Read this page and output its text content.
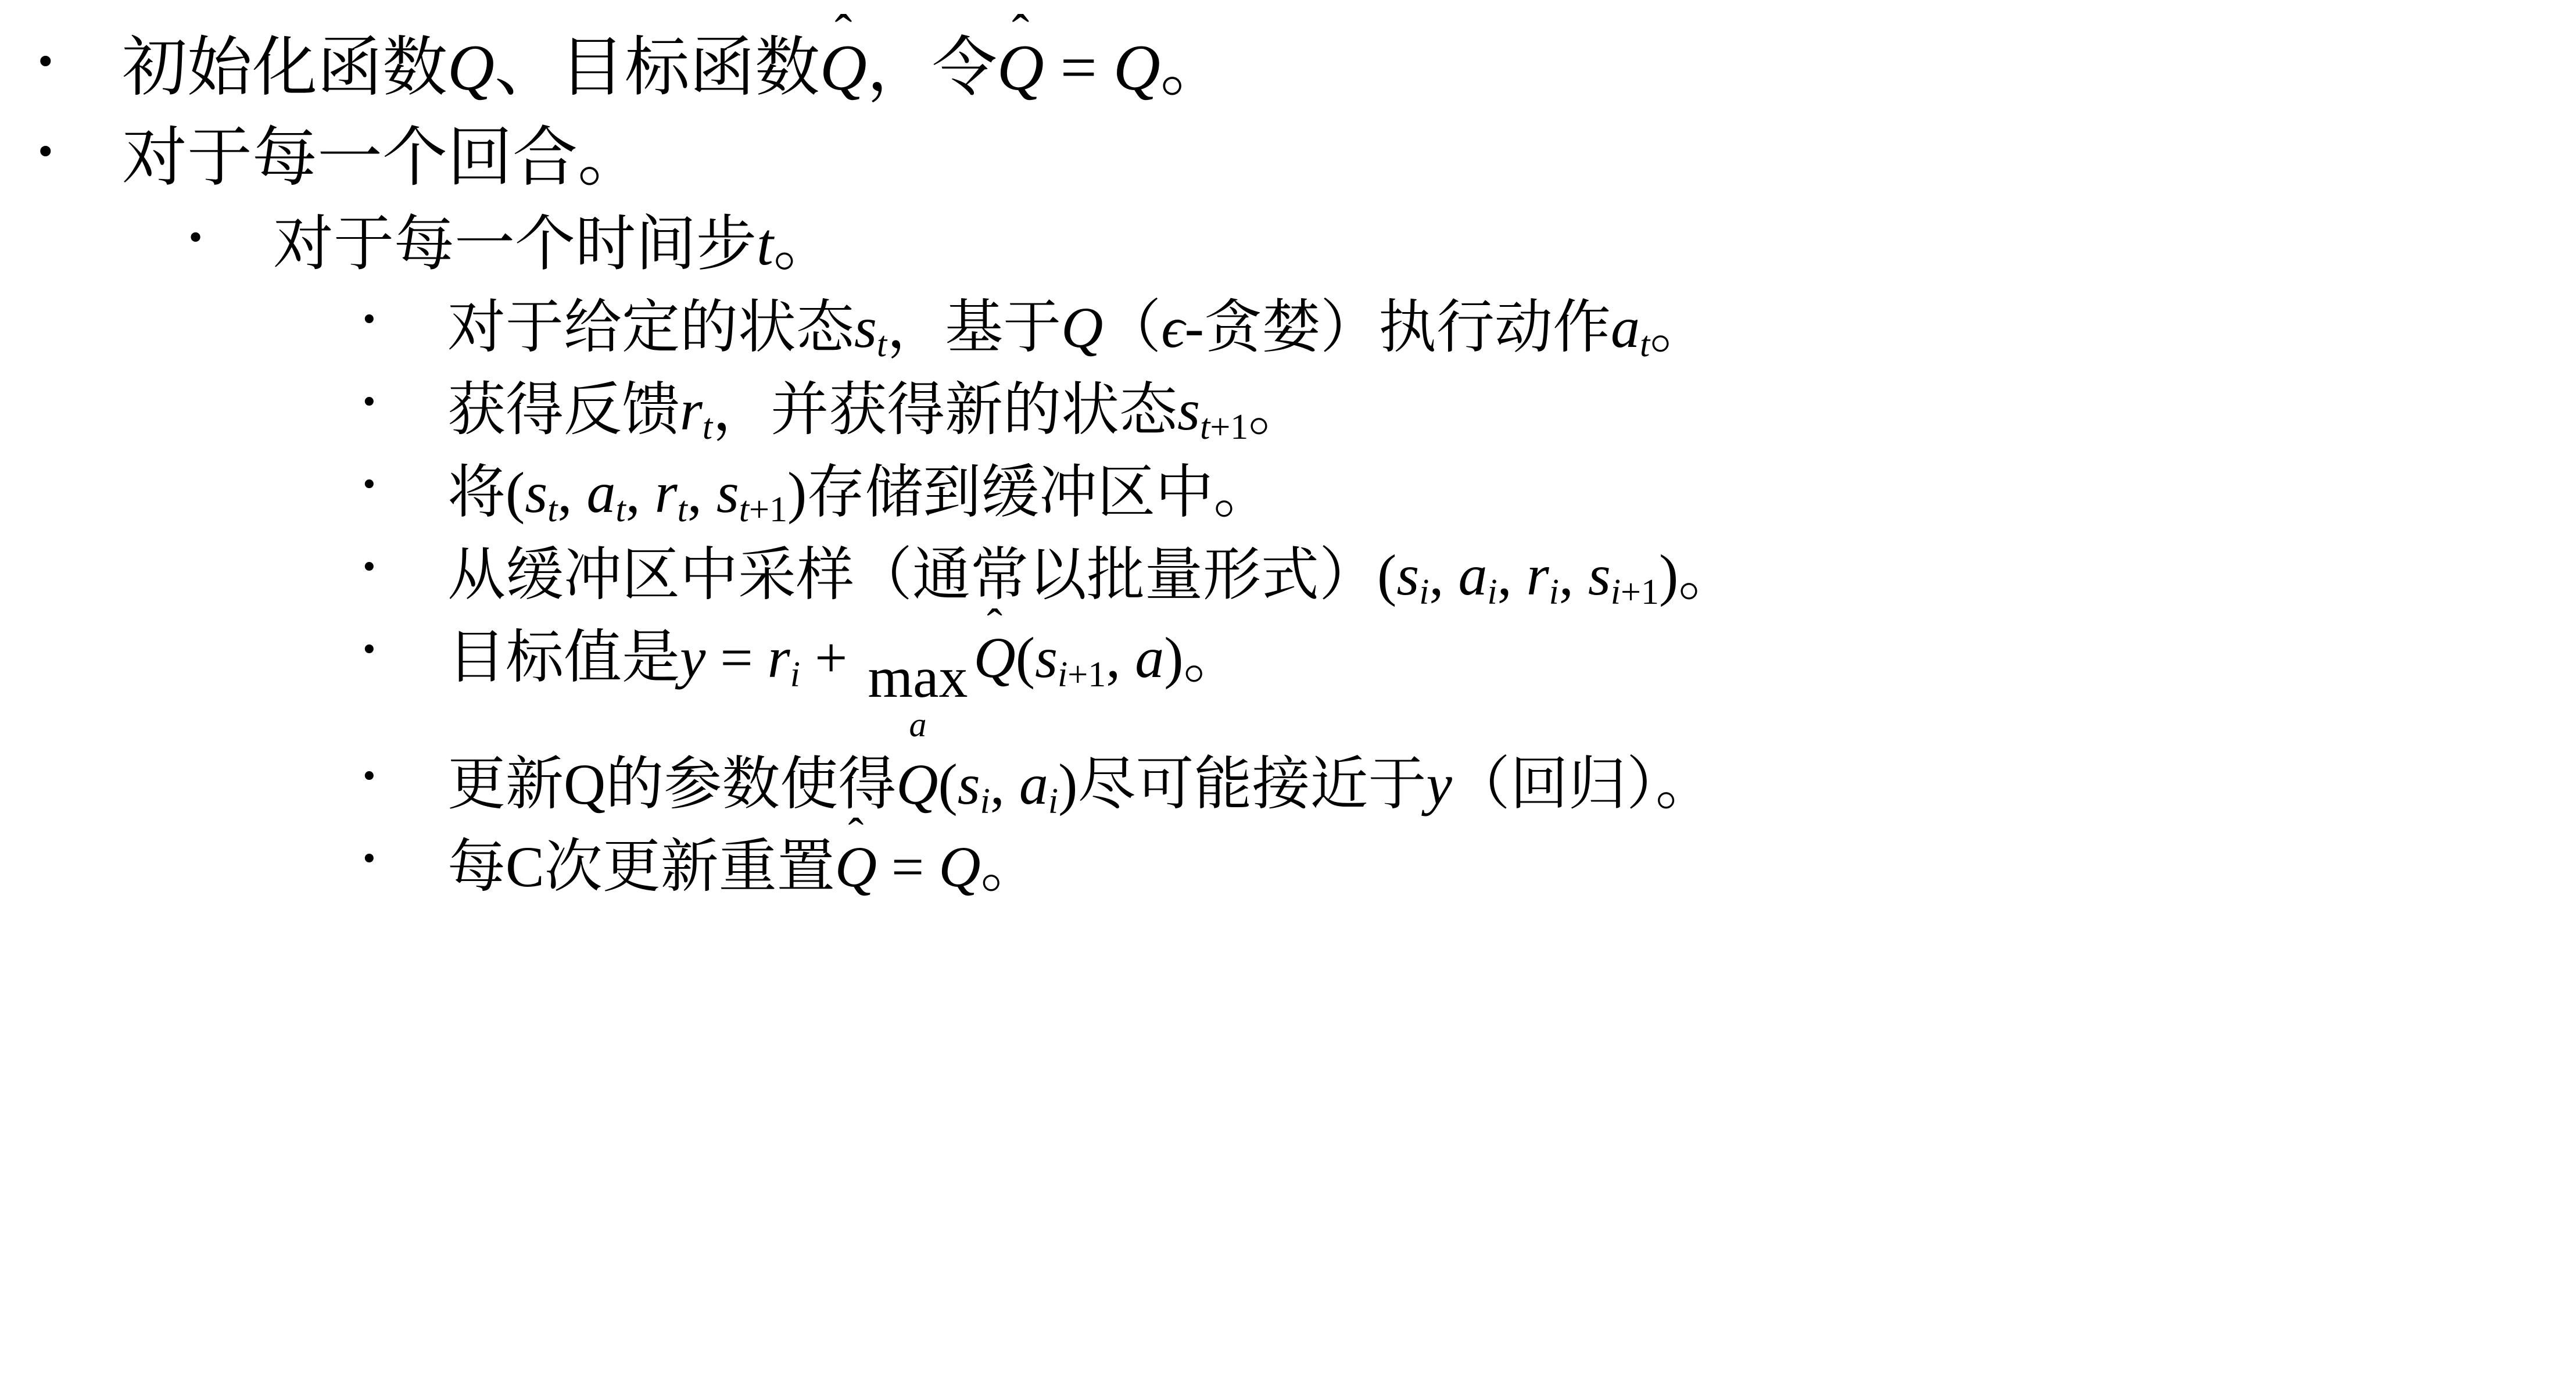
•	初始化函数Q、目标函数Q
，令Q
= Q。
•	对于每一个回合。
•	对于每一个时间步t。
•	对于给定的状态$s_t$，基于Q（ϵ-贪婪）执行动作$a_t$。
•	获得反馈$r_t$，并获得新的状态$s_{t+1}$。
•	将($s_t$, $a_t$, $r_t$, $s_{t+1}$)存储到缓冲区中。
•	从缓冲区中采样（通常以批量形式）($s_i$, $a_i$, $r_i$, $s_{i+1}$)。
•	目标值是$y = r_i + \max$
a
Q
($s_{i+1}$, a)。
•	更新Q的参数使得$Q(s_i$, $a_i$)尽可能接近于y（回归）。
•	每C次更新重置Q
= Q。
